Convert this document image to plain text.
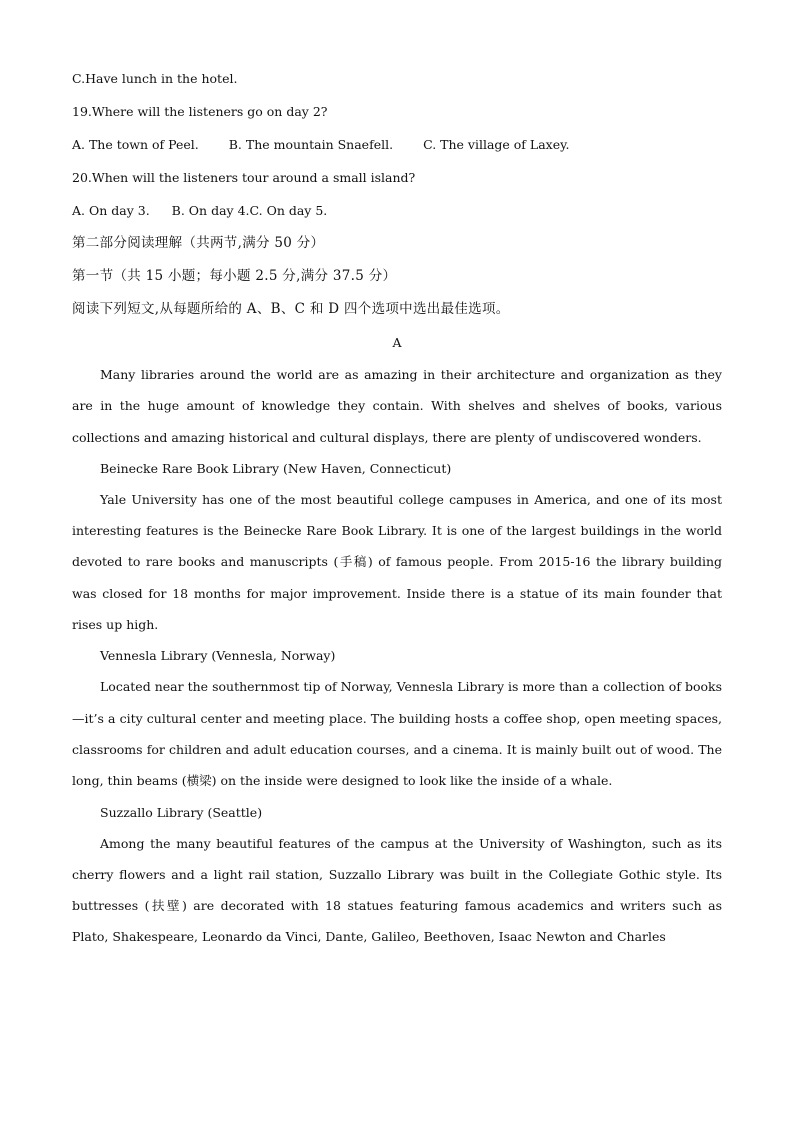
C.Have lunch in the hotel.
19.Where will the listeners go on day 2?
A. The town of Peel. B. The mountain Snaefell. C. The village of Laxey.
20.When will the listeners tour around a small island?
A. On day 3. B. On day 4. C. On day 5.
第二部分阅读理解（共两节,满分 50 分）
第一节（共 15 小题；每小题 2.5 分,满分 37.5 分）
阅读下列短文,从每题所给的 A、B、C 和 D 四个选项中选出最佳选项。
A

Many libraries around the world are as amazing in their architecture and organization as they are in the huge amount of knowledge they contain. With shelves and shelves of books, various collections and amazing historical and cultural displays, there are plenty of undiscovered wonders.

Beinecke Rare Book Library (New Haven, Connecticut)

Yale University has one of the most beautiful college campuses in America, and one of its most interesting features is the Beinecke Rare Book Library. It is one of the largest buildings in the world devoted to rare books and manuscripts (手稿) of famous people. From 2015-16 the library building was closed for 18 months for major improvement. Inside there is a statue of its main founder that rises up high.

Vennesla Library (Vennesla, Norway)

Located near the southernmost tip of Norway, Vennesla Library is more than a collection of books—it’s a city cultural center and meeting place. The building hosts a coffee shop, open meeting spaces, classrooms for children and adult education courses, and a cinema. It is mainly built out of wood. The long, thin beams (横梁) on the inside were designed to look like the inside of a whale.

Suzzallo Library (Seattle)

Among the many beautiful features of the campus at the University of Washington, such as its cherry flowers and a light rail station, Suzzallo Library was built in the Collegiate Gothic style. Its buttresses (扶壁) are decorated with 18 statues featuring famous academics and writers such as Plato, Shakespeare, Leonardo da Vinci, Dante, Galileo, Beethoven, Isaac Newton and Charles
